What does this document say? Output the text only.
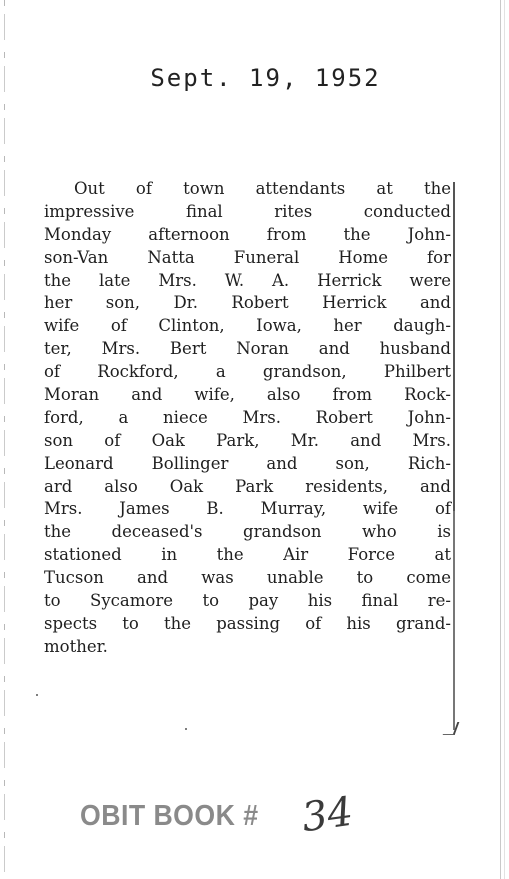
Sept. 19, 1952
Out of town attendants at the
impressive final rites conducted
Monday afternoon from the John-
son-Van Natta Funeral Home for
the late Mrs. W. A. Herrick were
her son, Dr. Robert Herrick and
wife of Clinton, Iowa, her daugh-
ter, Mrs. Bert Noran and husband
of Rockford, a grandson, Philbert
Moran and wife, also from Rock-
ford, a niece Mrs. Robert John-
son of Oak Park, Mr. and Mrs.
Leonard Bollinger and son, Rich-
ard also Oak Park residents, and
Mrs. James B. Murray, wife of
the deceased's grandson who is
stationed in the Air Force at
Tucson and was unable to come
to Sycamore to pay his final re-
spects to the passing of his grand-
mother.
OBIT BOOK # 34
